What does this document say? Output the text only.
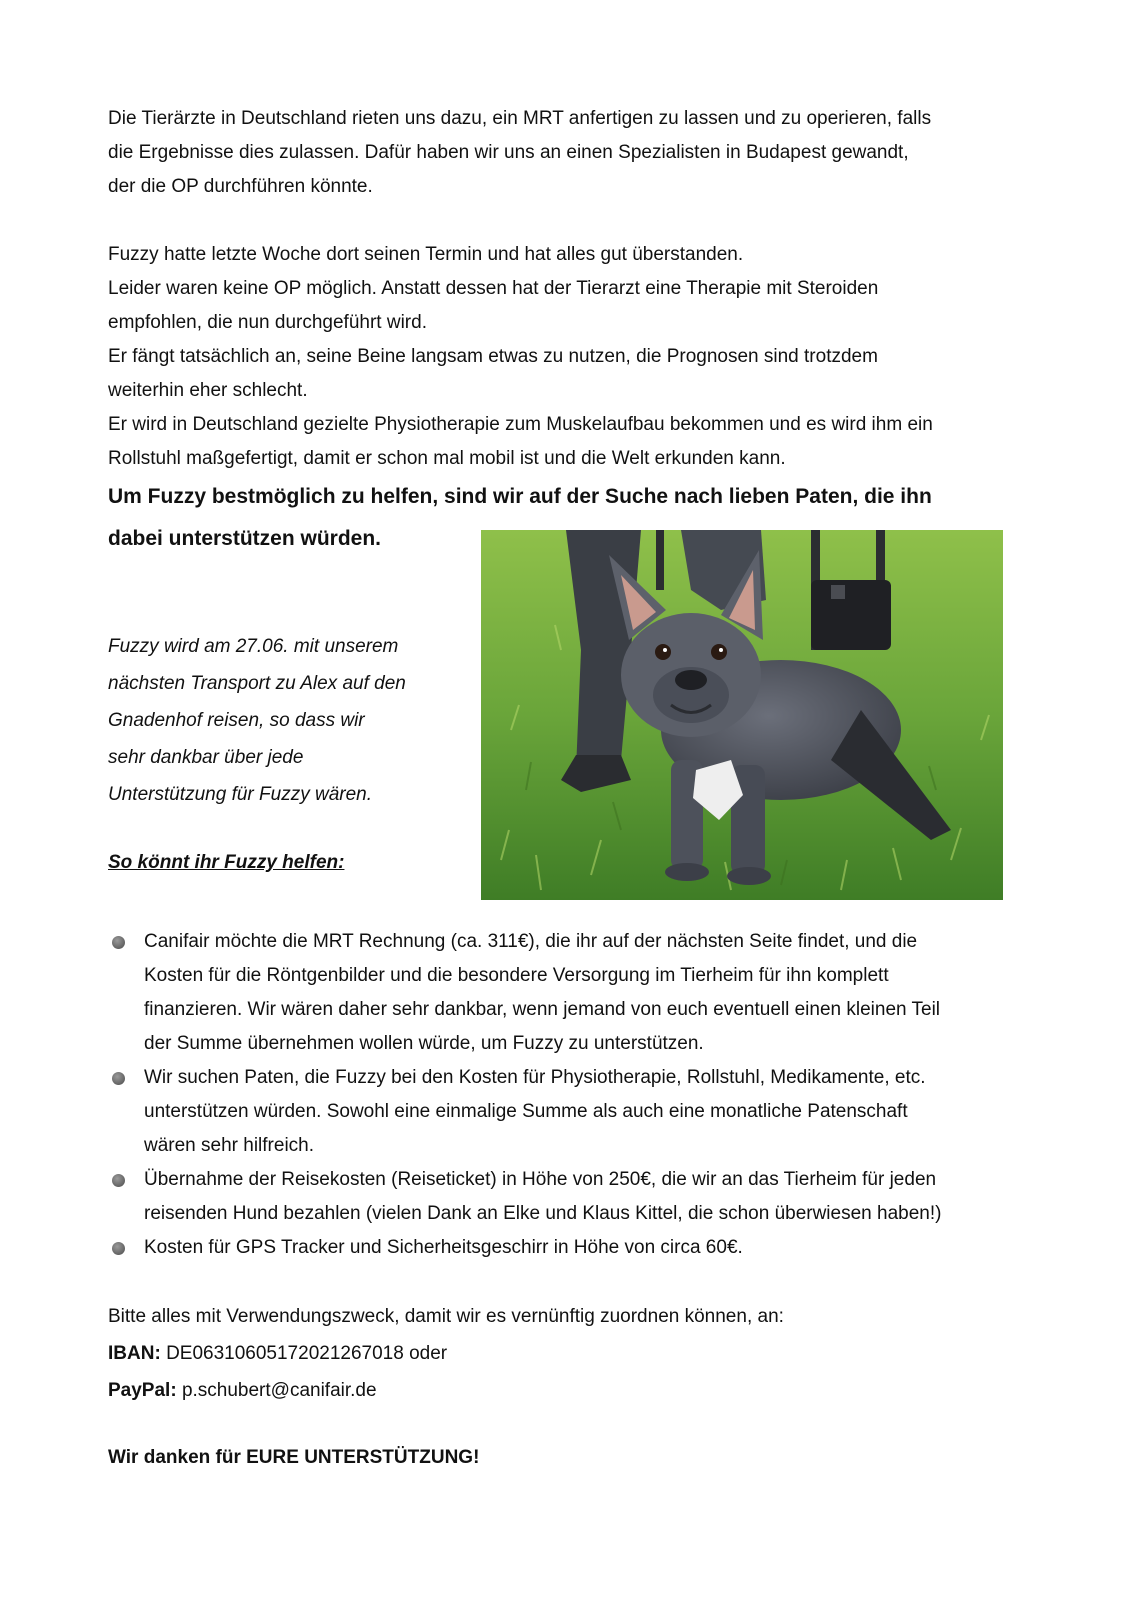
Die Tierärzte in Deutschland rieten uns dazu, ein MRT anfertigen zu lassen und zu operieren, falls
die Ergebnisse dies zulassen. Dafür haben wir uns an einen Spezialisten in Budapest gewandt,
der die OP durchführen könnte.
Fuzzy hatte letzte Woche dort seinen Termin und hat alles gut überstanden.
Leider waren keine OP möglich. Anstatt dessen hat der Tierarzt eine Therapie mit Steroiden
empfohlen, die nun durchgeführt wird.
Er fängt tatsächlich an, seine Beine langsam etwas zu nutzen, die Prognosen sind trotzdem
weiterhin eher schlecht.
Er wird in Deutschland gezielte Physiotherapie zum Muskelaufbau bekommen und es wird ihm ein
Rollstuhl maßgefertigt, damit er schon mal mobil ist und die Welt erkunden kann.
Um Fuzzy bestmöglich zu helfen, sind wir auf der Suche nach lieben Paten, die ihn
dabei unterstützen würden.
Fuzzy wird am 27.06. mit unserem
nächsten Transport zu Alex auf den
Gnadenhof reisen, so dass wir
sehr dankbar über jede
Unterstützung für Fuzzy wären.
So könnt ihr Fuzzy helfen:
Canifair möchte die MRT Rechnung (ca. 311€), die ihr auf der nächsten Seite findet, und die
Kosten für die Röntgenbilder und die besondere Versorgung im Tierheim für ihn komplett
finanzieren. Wir wären daher sehr dankbar, wenn jemand von euch eventuell einen kleinen Teil
der Summe übernehmen wollen würde, um Fuzzy zu unterstützen.
Wir suchen Paten, die Fuzzy bei den Kosten für Physiotherapie, Rollstuhl, Medikamente, etc.
unterstützen würden. Sowohl eine einmalige Summe als auch eine monatliche Patenschaft
wären sehr hilfreich.
Übernahme der Reisekosten (Reiseticket) in Höhe von 250€, die wir an das Tierheim für jeden
reisenden Hund bezahlen (vielen Dank an Elke und Klaus Kittel, die schon überwiesen haben!)
Kosten für GPS Tracker und Sicherheitsgeschirr in Höhe von circa 60€.
Bitte alles mit Verwendungszweck, damit wir es vernünftig zuordnen können, an:
IBAN: DE06310605172021267018 oder
PayPal: p.schubert@canifair.de
Wir danken für EURE UNTERSTÜTZUNG!
